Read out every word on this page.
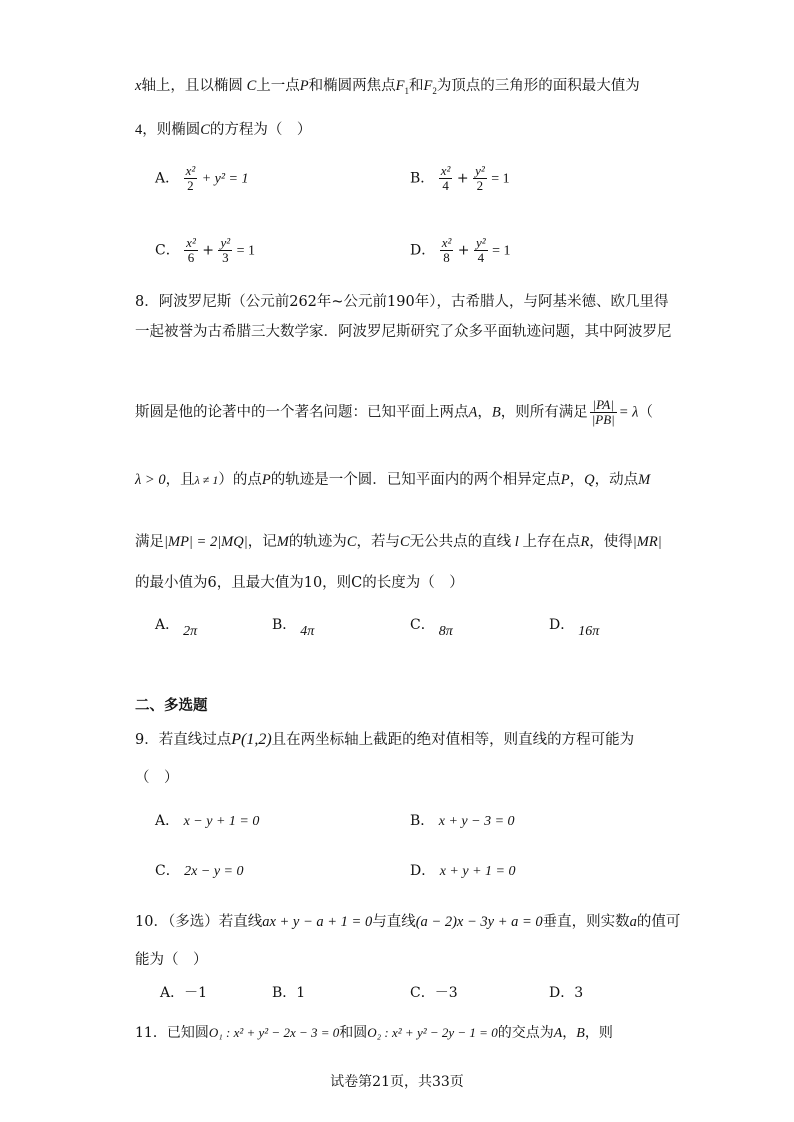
x轴上，且以椭圆 C上一点P和椭圆两焦点$F_1$和$F_2$为顶点的三角形的面积最大值为
4，则椭圆C的方程为（　）
A． $\frac{\text{x²}}{2} + y^2 = 1$	B． $\frac{\text{x²}}{4} + \frac{\text{y²}}{2} = 1$
C． $\frac{\text{x²}}{6} + \frac{\text{y²}}{3} = 1$	D． $\frac{\text{x²}}{8} + \frac{\text{y²}}{4} = 1$
8．阿波罗尼斯（公元前262年~公元前190年），古希腊人，与阿基米德、欧几里得
一起被誉为古希腊三大数学家．阿波罗尼斯研究了众多平面轨迹问题，其中阿波罗尼
斯圆是他的论著中的一个著名问题：已知平面上两点A，B，则所有满足 $\frac{|PA|}{|PB|} = \lambda$（
λ > 0，且λ ≠ 1）的点P的轨迹是一个圆．已知平面内的两个相异定点P，Q，动点M
满足|MP| = 2|MQ|，记M的轨迹为C，若与C无公共点的直线 l 上存在点R，使得|MR|
的最小值为6，且最大值为10，则C的长度为（　）
A． 2π	B． 4π	C． 8π	D． 16π
二、多选题
9．若直线过点P(1,2)且在两坐标轴上截距的绝对值相等，则直线的方程可能为
（　）
A． x − y + 1 = 0	B． x + y − 3 = 0
C． 2x − y = 0	D． x + y + 1 = 0
10．（多选）若直线ax + y − a + 1 = 0与直线(a − 2)x − 3y + a = 0垂直，则实数a的值可
能为（　）
A．－1	B．1	C．－3	D．3
11．已知圆O₁ : x² + y² − 2x − 3 = 0和圆O₂ : x² + y² − 2y − 1 = 0的交点为A，B，则
试卷第21页，共33页
